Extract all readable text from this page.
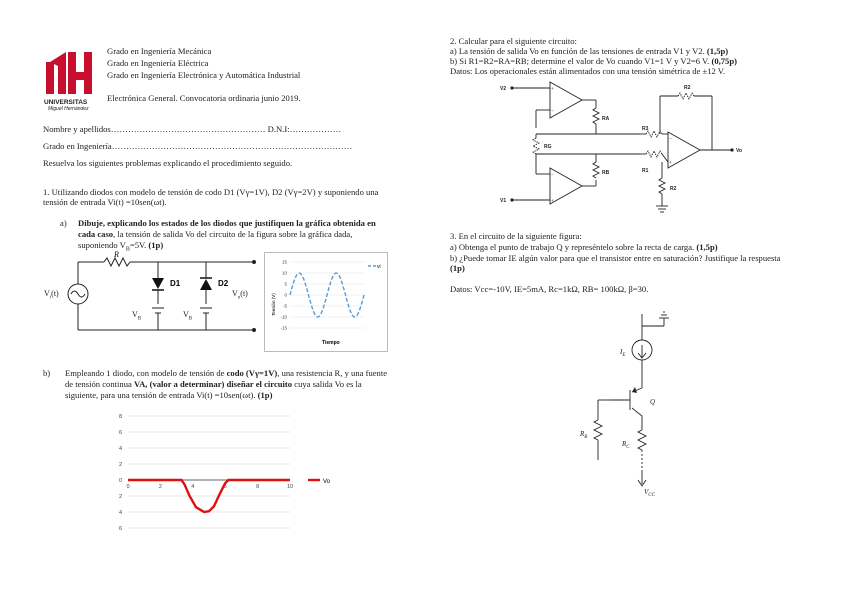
UNIVERSITAS
Miguel Hernández
Grado en Ingeniería Mecánica
Grado en Ingeniería Eléctrica
Grado en Ingeniería Electrónica y Automática Industrial
Electrónica General. Convocatoria ordinaria junio 2019.
Nombre y apellidos……………………………………………… D.N.I:………………
Grado en Ingeniería…………………………………………………………………………
Resuelva los siguientes problemas explicando el procedimiento seguido.
1. Utilizando diodos con modelo de tensión de codo D1 (Vγ=1V), D2 (Vγ=2V) y suponiendo una
tensión de entrada Vi(t) =10sen(ωt).
a) Dibuje, explicando los estados de los diodos que justifiquen la gráfica obtenida en
cada caso, la tensión de salida Vo del circuito de la figura sobre la gráfica dada,
suponiendo $V_B=5V$. (1p)
R
D1	D2
$V_i(t)$
$V_B$
$V_B$
$V_o(t)$
15
10
5
0
-5
-10
-15
vi
Tiempo
Tensión (V)
b) Empleando 1 diodo, con modelo de tensión de codo (Vγ=1V), una resistencia R, y una fuente
de tensión continua VA, (valor a determinar) diseñar el circuito cuya salida Vo es la
siguiente, para una tensión de entrada Vi(t) =10sen(ωt). (1p)
8
6
4
2
0
2
4
6
0	2	4	6	8	10
Vo
2. Calcular para el siguiente circuito:
a) La tensión de salida Vo en función de las tensiones de entrada V1 y V2. (1,5p)
b) Si R1=R2=RA=RB; determine el valor de Vo cuando V1=1 V y V2=6 V. (0,75p)
Datos: Los operacionales están alimentados con una tensión simétrica de ±12 V.
+
−
−
+
−
+
V2
V1
RA
RB
RG
R2
R3
R1
R2
Vo
3. En el circuito de la siguiente figura:
a) Obtenga el punto de trabajo Q y represéntelo sobre la recta de carga. (1,5p)
b) ¿Puede tomar IE algún valor para que el transistor entre en saturación? Justifique la respuesta
(1p)
Datos: Vcc=-10V, IE=5mA, Rc=1kΩ, RB= 100kΩ, β=30.
$I_E$
Q
$R_B$
$R_C$
$V_{CC}$
